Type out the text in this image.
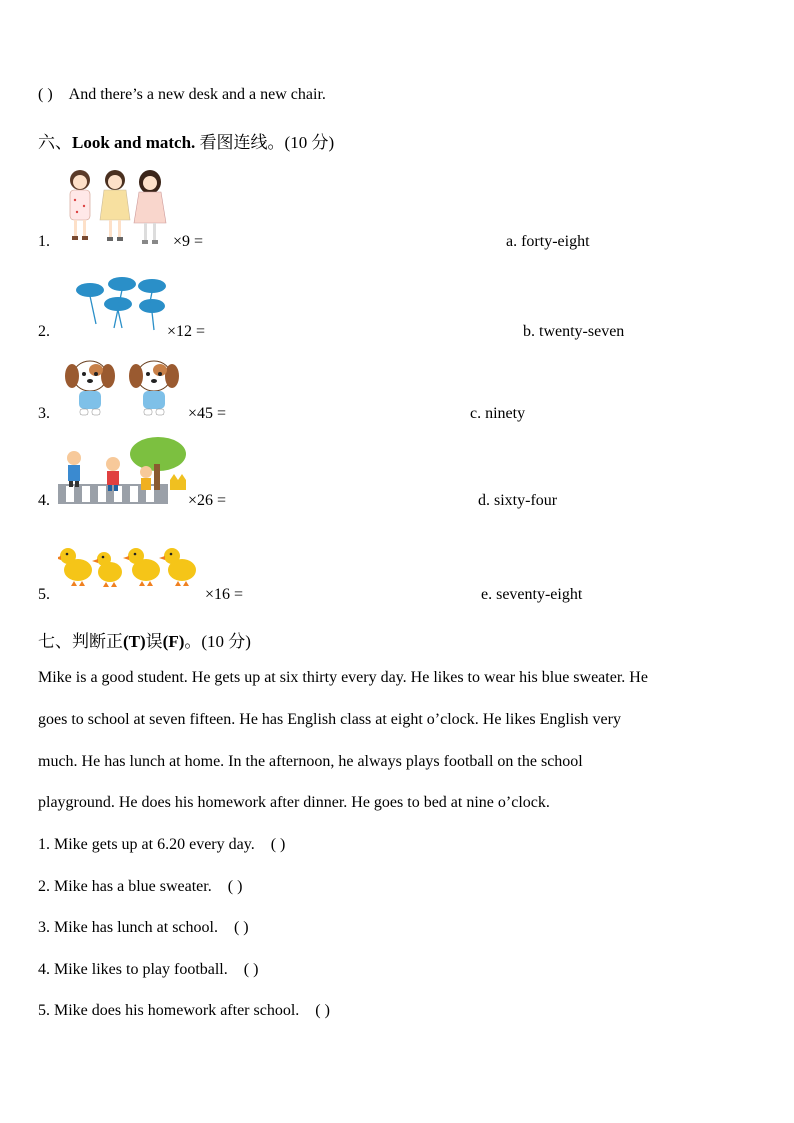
( ) And there’s a new desk and a new chair.
六、Look and match. 看图连线。(10 分)
1.	×9 =	a. forty-eight
2.	×12 =	b. twenty-seven
3.	×45 =	c. ninety
4.	×26 =	d. sixty-four
5.	×16 =	e. seventy-eight
七、判断正(T)误(F)。(10 分)
Mike is a good student. He gets up at six thirty every day. He likes to wear his blue sweater. He
goes to school at seven fifteen. He has English class at eight o’clock. He likes English very
much. He has lunch at home. In the afternoon, he always plays football on the school
playground. He does his homework after dinner. He goes to bed at nine o’clock.
1. Mike gets up at 6.20 every day. ( )
2. Mike has a blue sweater. ( )
3. Mike has lunch at school. ( )
4. Mike likes to play football. ( )
5. Mike does his homework after school. ( )
